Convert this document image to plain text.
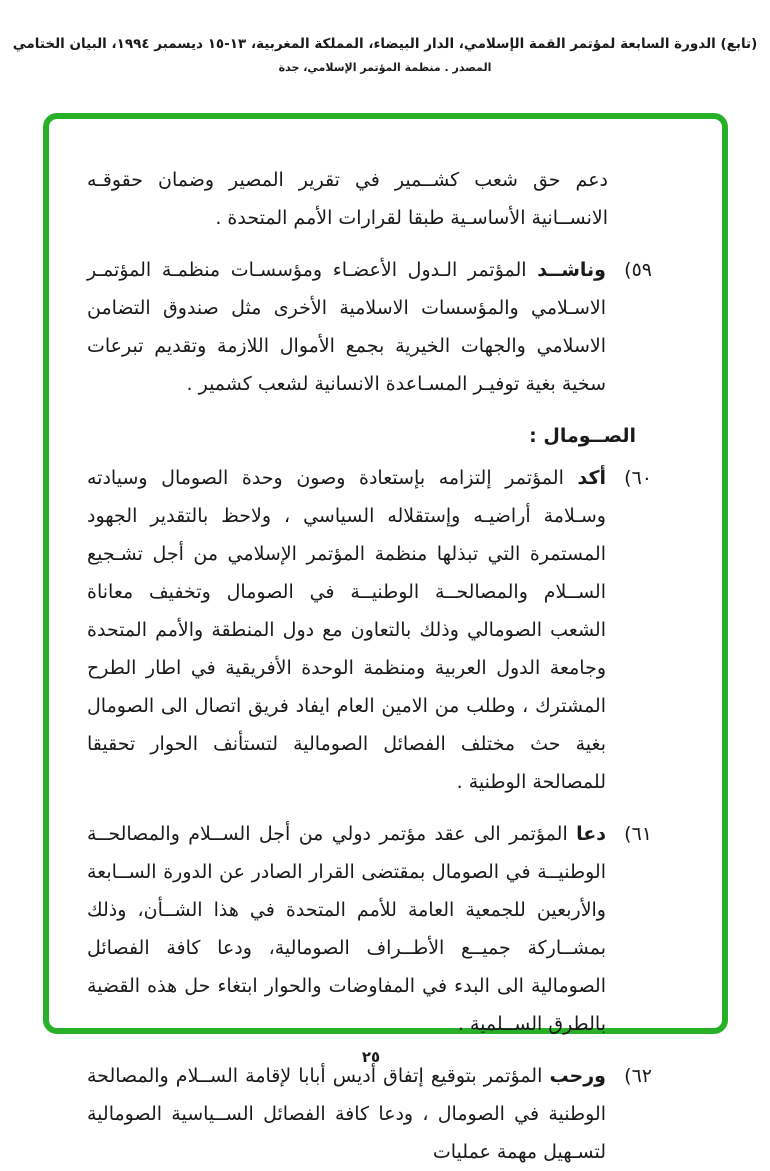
(تابع) الدورة السابعة لمؤتمر القمة الإسلامي، الدار البيضاء، المملكة المغربية، ١٣-١٥ ديسمبر ١٩٩٤، البيان الختامي
المصدر . منظمة المؤتمر الإسلامي، جدة

دعم حق شعب كشــمير في تقرير المصير وضمان حقوقـه الانســانية الأساسـية طبقا لقرارات الأمم المتحدة .

٥٩)

وناشــد المؤتمر الـدول الأعضـاء ومؤسسـات منظمـة المؤتمـر الاسـلامي والمؤسسات الاسلامية الأخرى مثل صندوق التضامن الاسلامي والجهات الخيرية بجمع الأموال اللازمة وتقديم تبرعات سخية بغية توفيـر المسـاعدة الانسانية لشعب كشمير .

الصــومال :
٦٠)

أكد المؤتمر إلتزامه بإستعادة وصون وحدة الصومال وسيادته وسـلامة أراضيـه وإستقلاله السياسي ، ولاحظ بالتقدير الجهود المستمرة التي تبذلها منظمة المؤتمر الإسلامي من أجل تشـجيع الســلام والمصالحــة الوطنيــة في الصومال وتخفيف معاناة الشعب الصومالي وذلك بالتعاون مع دول المنطقة والأمم المتحدة وجامعة الدول العربية ومنظمة الوحدة الأفريقية في اطار الطرح المشترك ، وطلب من الامين العام ايفاد فريق اتصال الى الصومال بغية حث مختلف الفصائل الصومالية لتستأنف الحوار تحقيقا للمصالحة الوطنية .

٦١)

دعا المؤتمر الى عقد مؤتمر دولي من أجل الســلام والمصالحــة الوطنيــة في الصومال بمقتضى القرار الصادر عن الدورة الســابعة والأربعين للجمعية العامة للأمم المتحدة في هذا الشــأن، وذلك بمشــاركة جميــع الأطــراف الصومالية، ودعا كافة الفصائل الصومالية الى البدء في المفاوضات والحوار ابتغاء حل هذه القضية بالطرق الســلمية .

٦٢)

ورحب المؤتمر بتوقيع إتفاق أديس أبابا لإقامة الســلام والمصالحة الوطنية في الصومال ، ودعا كافة الفصائل الســياسية الصومالية لتسـهيل مهمة عمليات

٢٥
